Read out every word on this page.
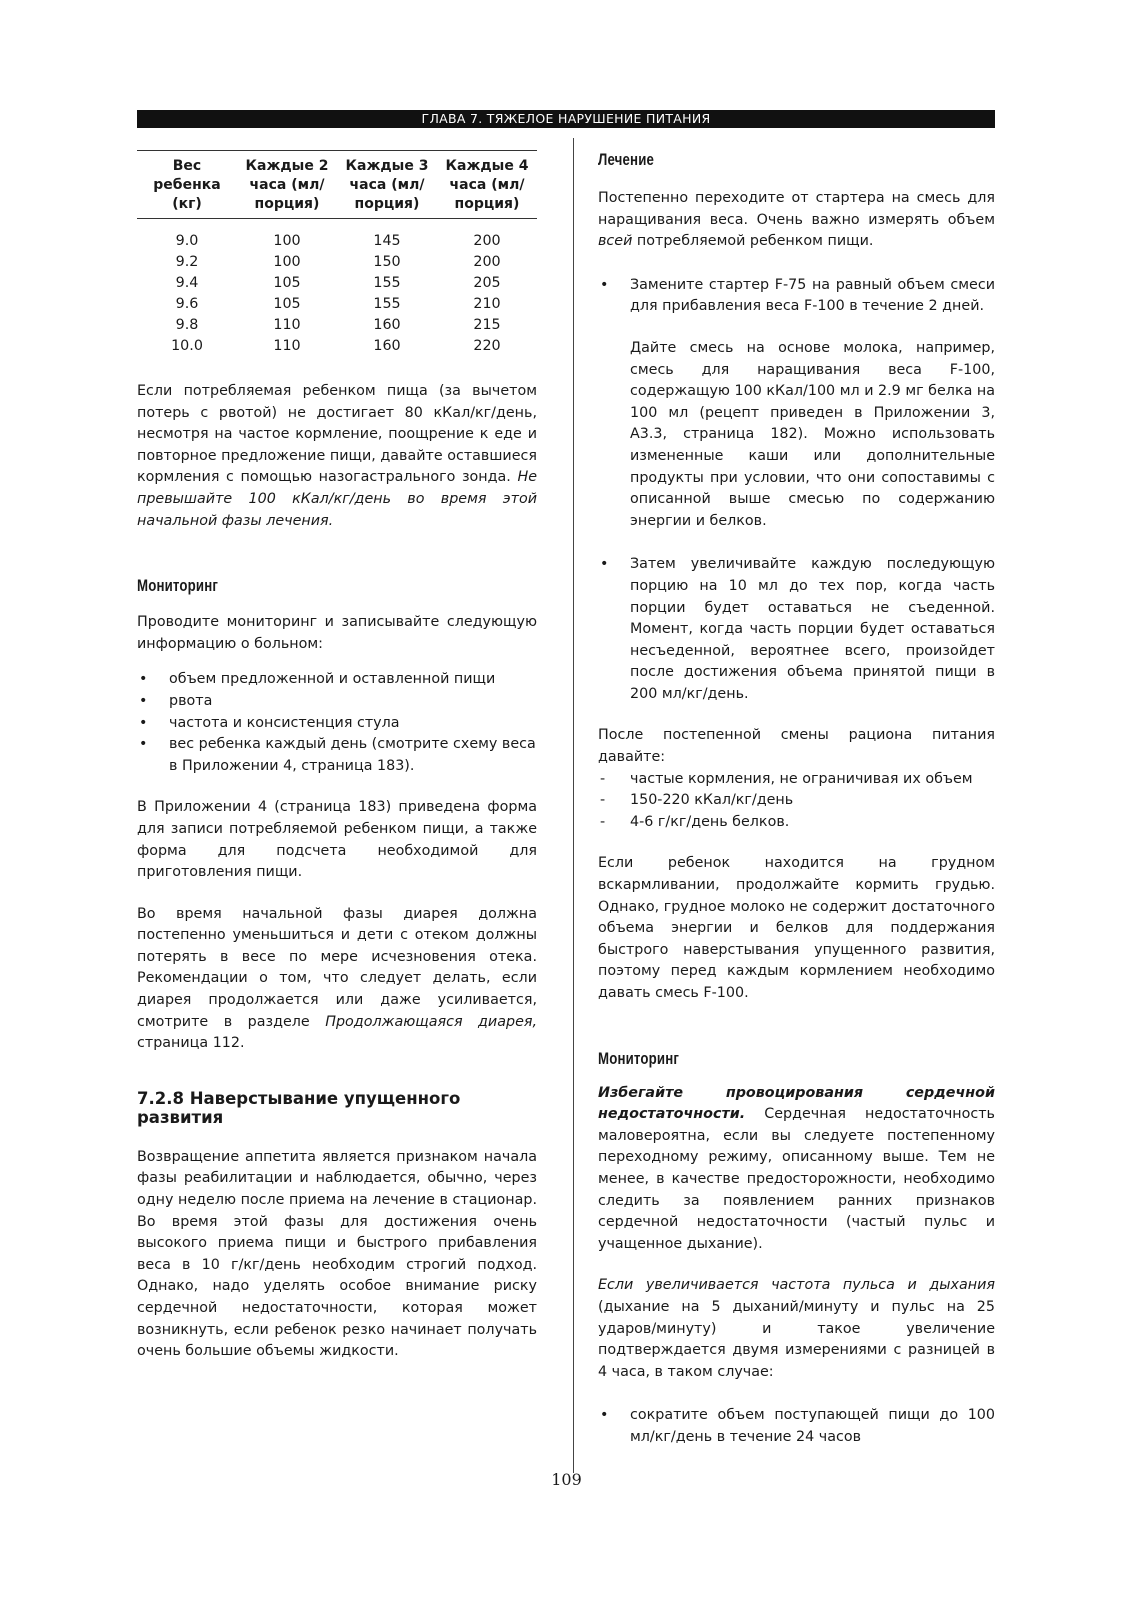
ГЛАВА 7. ТЯЖЕЛОЕ НАРУШЕНИЕ ПИТАНИЯ
Вес ребенка (кг)	Каждые 2 часа (мл/ порция)	Каждые 3 часа (мл/ порция)	Каждые 4 часа (мл/ порция)
9.0	100	145	200
9.2	100	150	200
9.4	105	155	205
9.6	105	155	210
9.8	110	160	215
10.0	110	160	220

Если потребляемая ребенком пища (за вычетом потерь с рвотой) не достигает 80 кКал/кг/день, несмотря на частое кормление, поощрение к еде и повторное предложение пищи, давайте оставшиеся кормления с помощью назогастрального зонда. Не превышайте 100 кКал/кг/день во время этой начальной фазы лечения.

Мониторинг

Проводите мониторинг и записывайте следующую информацию о больном:

• объем предложенной и оставленной пищи
• рвота
• частота и консистенция стула
• вес ребенка каждый день (смотрите схему веса в Приложении 4, страница 183).

В Приложении 4 (страница 183) приведена форма для записи потребляемой ребенком пищи, а также форма для подсчета необходимой для приготовления пищи.

Во время начальной фазы диарея должна постепенно уменьшиться и дети с отеком должны потерять в весе по мере исчезновения отека. Рекомендации о том, что следует делать, если диарея продолжается или даже усиливается, смотрите в разделе Продолжающаяся диарея, страница 112.

7.2.8 Наверстывание упущенного развития

Возвращение аппетита является признаком начала фазы реабилитации и наблюдается, обычно, через одну неделю после приема на лечение в стационар. Во время этой фазы для достижения очень высокого приема пищи и быстрого прибавления веса в 10 г/кг/день необходим строгий подход. Однако, надо уделять особое внимание риску сердечной недостаточности, которая может возникнуть, если ребенок резко начинает получать очень большие объемы жидкости.

Лечение

Постепенно переходите от стартера на смесь для наращивания веса. Очень важно измерять объем всей потребляемой ребенком пищи.

• Замените стартер F-75 на равный объем смеси для прибавления веса F-100 в течение 2 дней.

Дайте смесь на основе молока, например, смесь для наращивания веса F-100, содержащую 100 кКал/100 мл и 2.9 мг белка на 100 мл (рецепт приведен в Приложении 3, А3.3, страница 182). Можно использовать измененные каши или дополнительные продукты при условии, что они сопоставимы с описанной выше смесью по содержанию энергии и белков.

• Затем увеличивайте каждую последующую порцию на 10 мл до тех пор, когда часть порции будет оставаться не съеденной. Момент, когда часть порции будет оставаться несъеденной, вероятнее всего, произойдет после достижения объема принятой пищи в 200 мл/кг/день.

После постепенной смены рациона питания давайте:

- частые кормления, не ограничивая их объем
- 150-220 кКал/кг/день
- 4-6 г/кг/день белков.

Если ребенок находится на грудном вскармливании, продолжайте кормить грудью. Однако, грудное молоко не содержит достаточного объема энергии и белков для поддержания быстрого наверстывания упущенного развития, поэтому перед каждым кормлением необходимо давать смесь F-100.

Мониторинг

Избегайте провоцирования сердечной недостаточности. Сердечная недостаточность маловероятна, если вы следуете постепенному переходному режиму, описанному выше. Тем не менее, в качестве предосторожности, необходимо следить за появлением ранних признаков сердечной недостаточности (частый пульс и учащенное дыхание).

Если увеличивается частота пульса и дыхания (дыхание на 5 дыханий/минуту и пульс на 25 ударов/минуту) и такое увеличение подтверждается двумя измерениями с разницей в 4 часа, в таком случае:

• сократите объем поступающей пищи до 100 мл/кг/день в течение 24 часов
109
